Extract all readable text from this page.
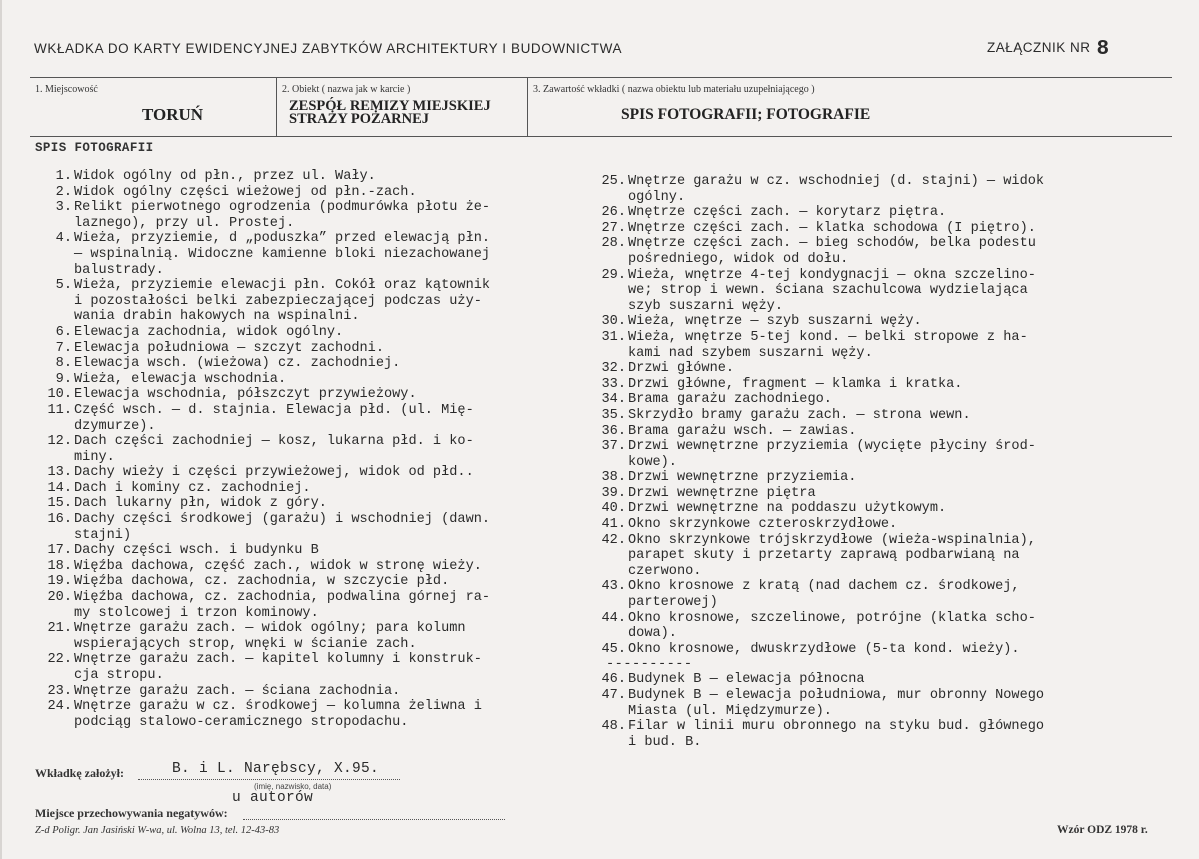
WKŁADKA DO KARTY EWIDENCYJNEJ ZABYTKÓW ARCHITEKTURY I BUDOWNICTWA	ZAŁĄCZNIK NR 8
1. Miejscowość
TORUŃ
2. Obiekt ( nazwa jak w karcie )
ZESPÓŁ REMIZY MIEJSKIEJ STRAŻY POŻARNEJ
3. Zawartość wkładki ( nazwa obiektu lub materiału uzupełniającego )
SPIS FOTOGRAFII; FOTOGRAFIE
SPIS FOTOGRAFII
1. Widok ogólny od płn., przez ul. Wały.
2. Widok ogólny części wieżowej od płn.-zach.
3. Relikt pierwotnego ogrodzenia (podmurówka płotu że-
laznego), przy ul. Prostej.
4. Wieża, przyziemie, d „poduszka” przed elewacją płn.
— wspinalnią. Widoczne kamienne bloki niezachowanej
balustrady.
5. Wieża, przyziemie elewacji płn. Cokół oraz kątownik
i pozostałości belki zabezpieczającej podczas uży-
wania drabin hakowych na wspinalni.
6. Elewacja zachodnia, widok ogólny.
7. Elewacja południowa — szczyt zachodni.
8. Elewacja wsch. (wieżowa) cz. zachodniej.
9. Wieża, elewacja wschodnia.
10. Elewacja wschodnia, półszczyt przywieżowy.
11. Część wsch. — d. stajnia. Elewacja płd. (ul. Mię-
dzymurze).
12. Dach części zachodniej — kosz, lukarna płd. i ko-
miny.
13. Dachy wieży i części przywieżowej, widok od płd..
14. Dach i kominy cz. zachodniej.
15. Dach lukarny płn, widok z góry.
16. Dachy części środkowej (garażu) i wschodniej (dawn.
stajni)
17. Dachy części wsch. i budynku B
18. Więźba dachowa, część zach., widok w stronę wieży.
19. Więźba dachowa, cz. zachodnia, w szczycie płd.
20. Więźba dachowa, cz. zachodnia, podwalina górnej ra-
my stolcowej i trzon kominowy.
21. Wnętrze garażu zach. — widok ogólny; para kolumn
wspierających strop, wnęki w ścianie zach.
22. Wnętrze garażu zach. — kapitel kolumny i konstruk-
cja stropu.
23. Wnętrze garażu zach. — ściana zachodnia.
24. Wnętrze garażu w cz. środkowej — kolumna żeliwna i
podciąg stalowo-ceramicznego stropodachu.
25. Wnętrze garażu w cz. wschodniej (d. stajni) — widok
ogólny.
26. Wnętrze części zach. — korytarz piętra.
27. Wnętrze części zach. — klatka schodowa (I piętro).
28. Wnętrze części zach. — bieg schodów, belka podestu
pośredniego, widok od dołu.
29. Wieża, wnętrze 4-tej kondygnacji — okna szczelino-
we; strop i wewn. ściana szachulcowa wydzielająca
szyb suszarni węży.
30. Wieża, wnętrze — szyb suszarni węży.
31. Wieża, wnętrze 5-tej kond. — belki stropowe z ha-
kami nad szybem suszarni węży.
32. Drzwi główne.
33. Drzwi główne, fragment — klamka i kratka.
34. Brama garażu zachodniego.
35. Skrzydło bramy garażu zach. — strona wewn.
36. Brama garażu wsch. — zawias.
37. Drzwi wewnętrzne przyziemia (wycięte płyciny środ-
kowe).
38. Drzwi wewnętrzne przyziemia.
39. Drzwi wewnętrzne piętra
40. Drzwi wewnętrzne na poddaszu użytkowym.
41. Okno skrzynkowe czteroskrzydłowe.
42. Okno skrzynkowe trójskrzydłowe (wieża-wspinalnia),
parapet skuty i przetarty zaprawą podbarwianą na
czerwono.
43. Okno krosnowe z kratą (nad dachem cz. środkowej,
parterowej)
44. Okno krosnowe, szczelinowe, potrójne (klatka scho-
dowa).
45. Okno krosnowe, dwuskrzydłowe (5-ta kond. wieży).
----------
46. Budynek B — elewacja północna
47. Budynek B — elewacja południowa, mur obronny Nowego
Miasta (ul. Międzymurze).
48. Filar w linii muru obronnego na styku bud. głównego
i bud. B.
Wkładkę założył:	B. i L. Narębscy, X.95.
(imię, nazwisko, data)
u autorów
Miejsce przechowywania negatywów:
Z-d Poligr. Jan Jasiński W-wa, ul. Wolna 13, tel. 12-43-83	Wzór ODZ 1978 r.
